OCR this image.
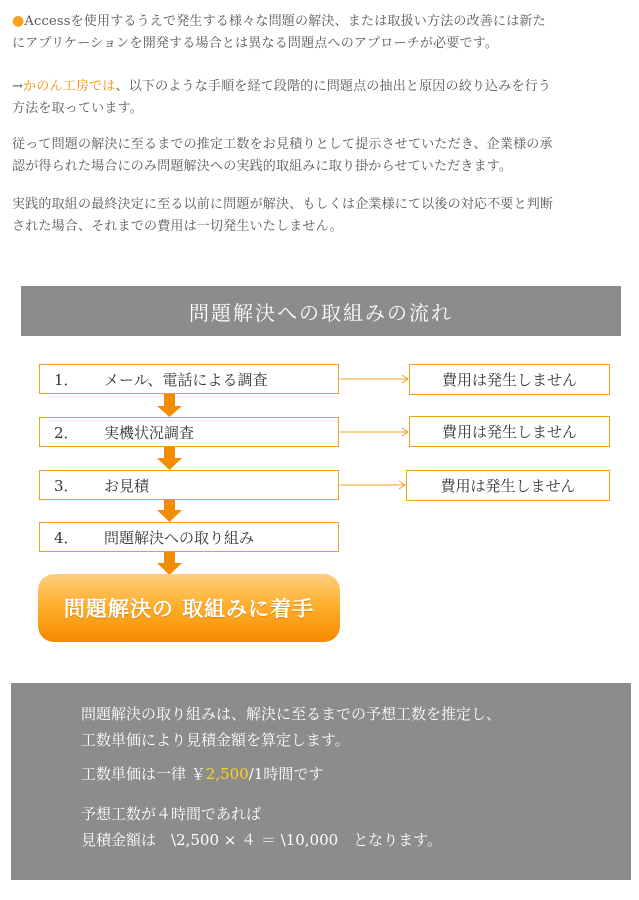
●Accessを使用するうえで発生する様々な問題の解決、または取扱い方法の改善には新た
にアプリケーションを開発する場合とは異なる問題点へのアプローチが必要です。

→かのん工房では、以下のような手順を経て段階的に問題点の抽出と原因の絞り込みを行う
方法を取っています。

従って問題の解決に至るまでの推定工数をお見積りとして提示させていただき、企業様の承
認が得られた場合にのみ問題解決への実践的取組みに取り掛からせていただきます。

実践的取組の最終決定に至る以前に問題が解決、もしくは企業様にて以後の対応不要と判断
された場合、それまでの費用は一切発生いたしません。

問題解決への取組みの流れ
1．	メール、電話による調査
2．	実機状況調査
3．	お見積
4．	問題解決への取り組み
費用は発生しません
費用は発生しません
費用は発生しません
問題解決の 取組みに着手
問題解決の取り組みは、解決に至るまでの予想工数を推定し、
工数単価により見積金額を算定します。
工数単価は一律 ￥2,500/1時間です
予想工数が４時間であれば
見積金額は　\2,500 × ４ ＝ \10,000　となります。
